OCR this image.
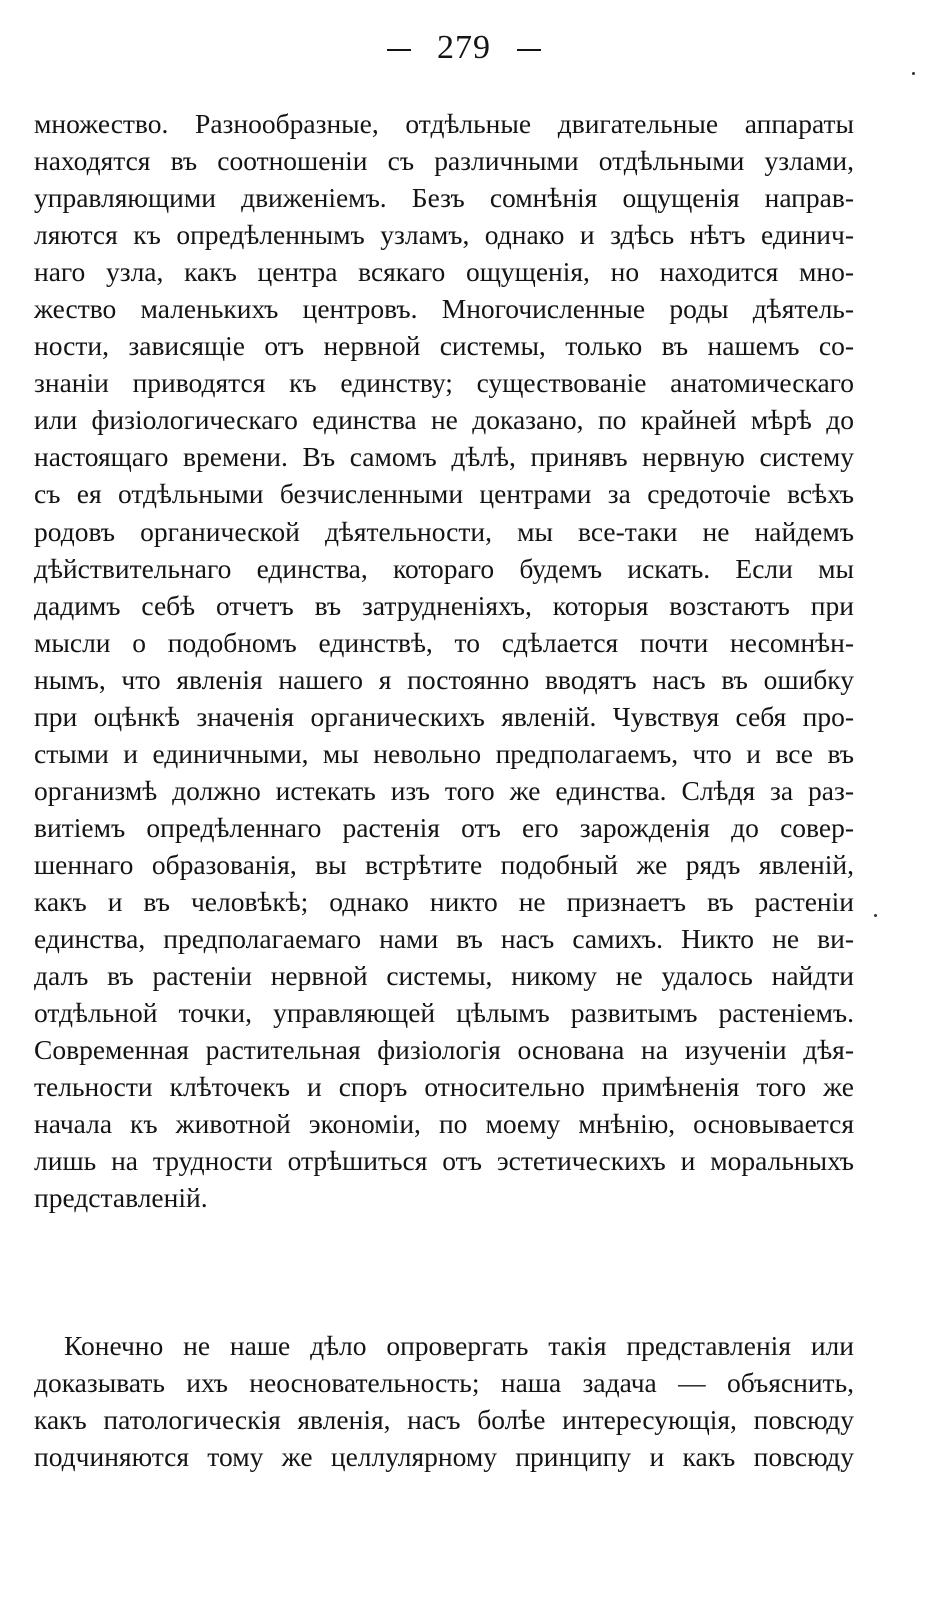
279
множество. Разнообразные, отдѣльные двигательные аппараты
находятся въ соотношеніи съ различными отдѣльными узлами,
управляющими движеніемъ. Безъ сомнѣнія ощущенія направ-
ляются къ опредѣленнымъ узламъ, однако и здѣсь нѣтъ единич-
наго узла, какъ центра всякаго ощущенія, но находится мно-
жество маленькихъ центровъ. Многочисленные роды дѣятель-
ности, зависящіе отъ нервной системы, только въ нашемъ со-
знаніи приводятся къ единству; существованіе анатомическаго
или физіологическаго единства не доказано, по крайней мѣрѣ до
настоящаго времени. Въ самомъ дѣлѣ, принявъ нервную систему
съ ея отдѣльными безчисленными центрами за средоточіе всѣхъ
родовъ органической дѣятельности, мы все-таки не найдемъ
дѣйствительнаго единства, котораго будемъ искать. Если мы
дадимъ себѣ отчетъ въ затрудненіяхъ, которыя возстаютъ при
мысли о подобномъ единствѣ, то сдѣлается почти несомнѣн-
нымъ, что явленія нашего я постоянно вводятъ насъ въ ошибку
при оцѣнкѣ значенія органическихъ явленій. Чувствуя себя про-
стыми и единичными, мы невольно предполагаемъ, что и все въ
организмѣ должно истекать изъ того же единства. Слѣдя за раз-
витіемъ опредѣленнаго растенія отъ его зарожденія до совер-
шеннаго образованія, вы встрѣтите подобный же рядъ явленій,
какъ и въ человѣкѣ; однако никто не признаетъ въ растеніи
единства, предполагаемаго нами въ насъ самихъ. Никто не ви-
далъ въ растеніи нервной системы, никому не удалось найдти
отдѣльной точки, управляющей цѣлымъ развитымъ растеніемъ.
Современная растительная физіологія основана на изученіи дѣя-
тельности клѣточекъ и споръ относительно примѣненія того же
начала къ животной экономіи, по моему мнѣнію, основывается
лишь на трудности отрѣшиться отъ эстетическихъ и моральныхъ
представленій.
Конечно не наше дѣло опровергать такія представленія или
доказывать ихъ неосновательность; наша задача — объяснить,
какъ патологическія явленія, насъ болѣе интересующія, повсюду
подчиняются тому же целлулярному принципу и какъ повсюду
